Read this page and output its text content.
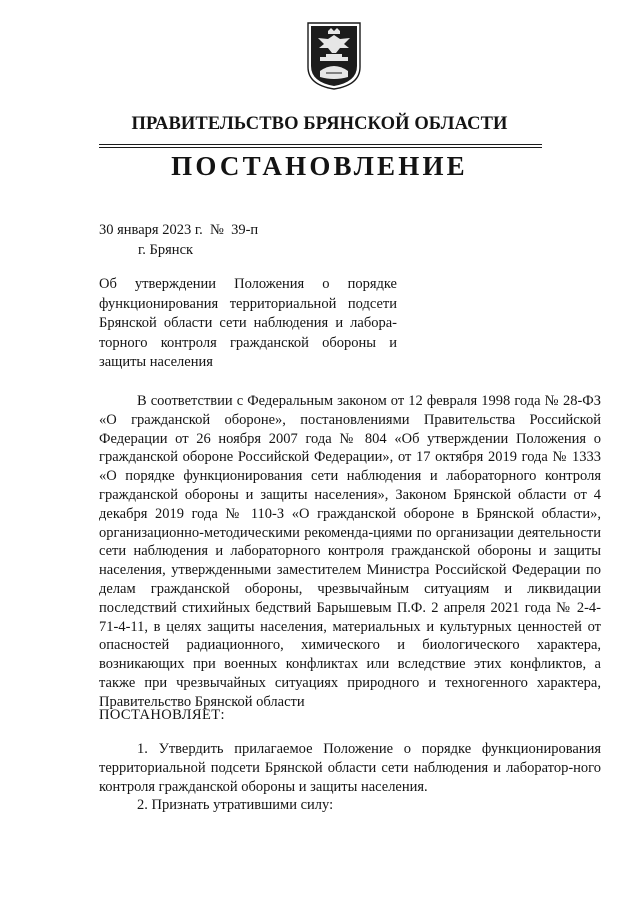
ПРАВИТЕЛЬСТВО БРЯНСКОЙ ОБЛАСТИ
ПОСТАНОВЛЕНИЕ
30 января 2023 г.  №  39-п
г. Брянск
Об утверждении Положения о порядке функционирования территориальной подсети Брянской области сети наблюдения и лабора-торного контроля гражданской обороны и защиты населения

В соответствии с Федеральным законом от 12 февраля 1998 года № 28-ФЗ «О гражданской обороне», постановлениями Правительства Российской Федерации от 26 ноября 2007 года № 804 «Об утверждении Положения о гражданской обороне Российской Федерации», от 17 октября 2019 года № 1333 «О порядке функционирования сети наблюдения и лабораторного контроля гражданской обороны и защиты населения», Законом Брянской области от 4 декабря 2019 года № 110-З «О гражданской обороне в Брянской области», организационно-методическими рекоменда-циями по организации деятельности сети наблюдения и лабораторного контроля гражданской обороны и защиты населения, утвержденными заместителем Министра Российской Федерации по делам гражданской обороны, чрезвычайным ситуациям и ликвидации последствий стихийных бедствий Барышевым П.Ф. 2 апреля 2021 года № 2-4-71-4-11, в целях защиты населения, материальных и культурных ценностей от опасностей радиационного, химического и биологического характера, возникающих при военных конфликтах или вследствие этих конфликтов, а также при чрезвычайных ситуациях природного и техногенного характера, Правительство Брянской области

ПОСТАНОВЛЯЕТ:

1. Утвердить прилагаемое Положение о порядке функционирования территориальной подсети Брянской области сети наблюдения и лаборатор-ного контроля гражданской обороны и защиты населения.

2. Признать утратившими силу:
